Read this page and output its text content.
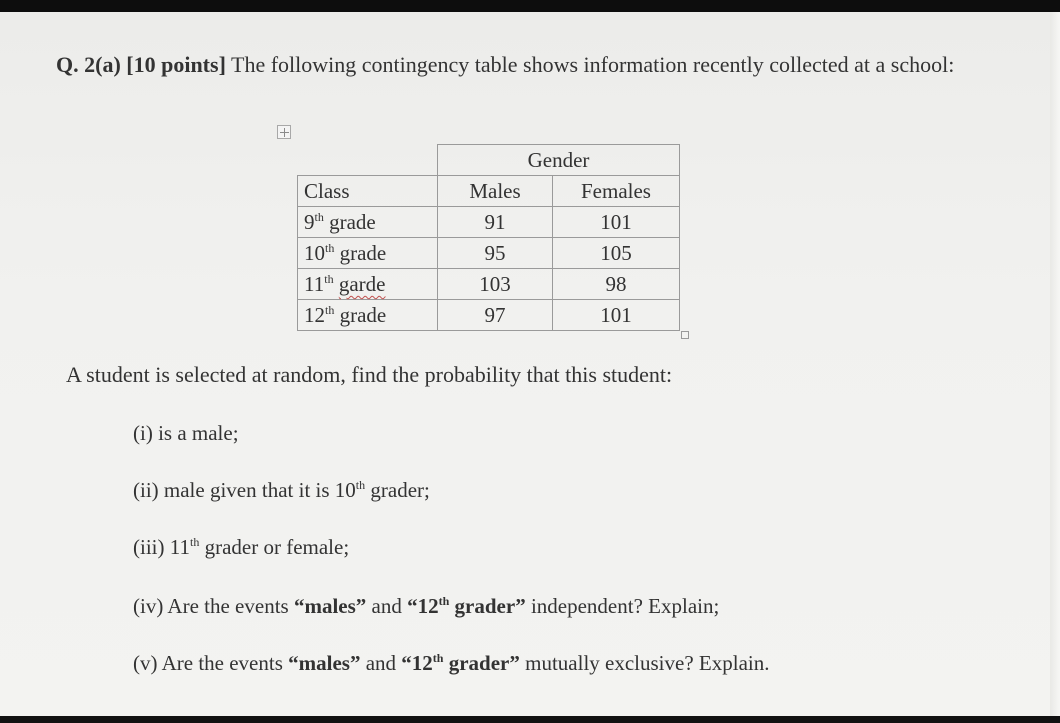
Q. 2(a) [10 points] The following contingency table shows information recently collected at a school:
	Gender	
Class	Males	Females
9th grade	91	101
10th grade	95	105
11th garde	103	98
12th grade	97	101
A student is selected at random, find the probability that this student:
(i) is a male;
(ii) male given that it is 10th grader;
(iii) 11th grader or female;
(iv) Are the events “males” and “12th grader” independent? Explain;
(v) Are the events “males” and “12th grader” mutually exclusive? Explain.
